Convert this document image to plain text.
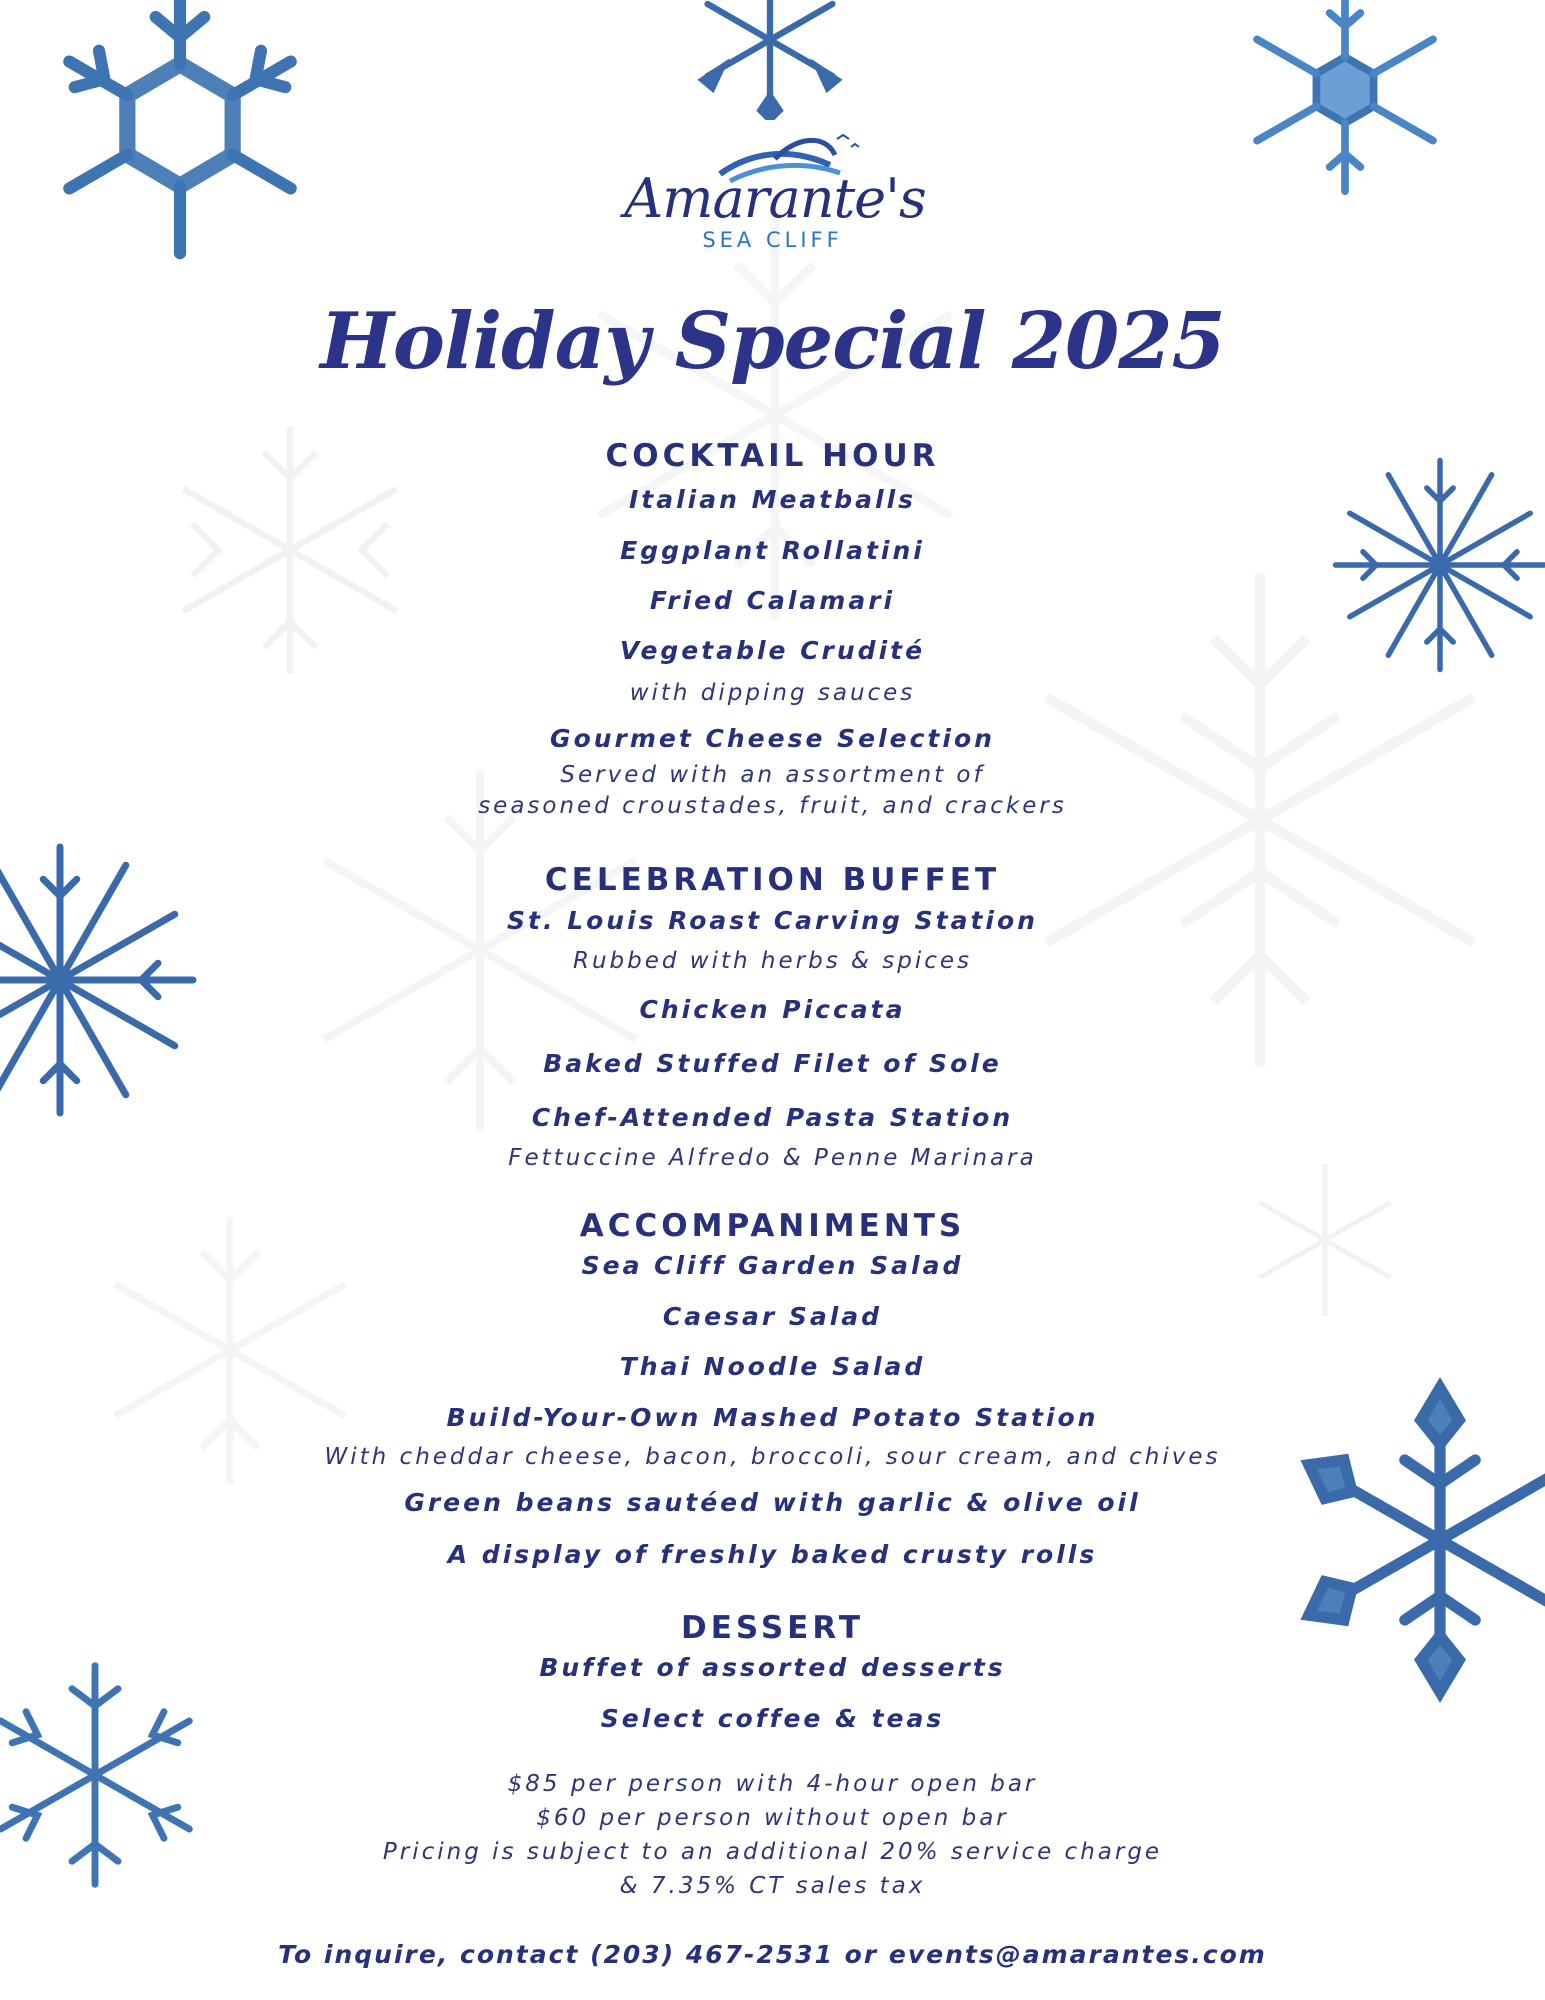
Amarante's
SEA CLIFF
Holiday Special 2025
COCKTAIL HOUR
Italian Meatballs
Eggplant Rollatini
Fried Calamari
Vegetable Crudité
with dipping sauces
Gourmet Cheese Selection
Served with an assortment of
seasoned croustades, fruit, and crackers
CELEBRATION BUFFET
St. Louis Roast Carving Station
Rubbed with herbs & spices
Chicken Piccata
Baked Stuffed Filet of Sole
Chef-Attended Pasta Station
Fettuccine Alfredo & Penne Marinara
ACCOMPANIMENTS
Sea Cliff Garden Salad
Caesar Salad
Thai Noodle Salad
Build-Your-Own Mashed Potato Station
With cheddar cheese, bacon, broccoli, sour cream, and chives
Green beans sautéed with garlic & olive oil
A display of freshly baked crusty rolls
DESSERT
Buffet of assorted desserts
Select coffee & teas
$85 per person with 4-hour open bar
$60 per person without open bar
Pricing is subject to an additional 20% service charge
& 7.35% CT sales tax
To inquire, contact (203) 467-2531 or events@amarantes.com
